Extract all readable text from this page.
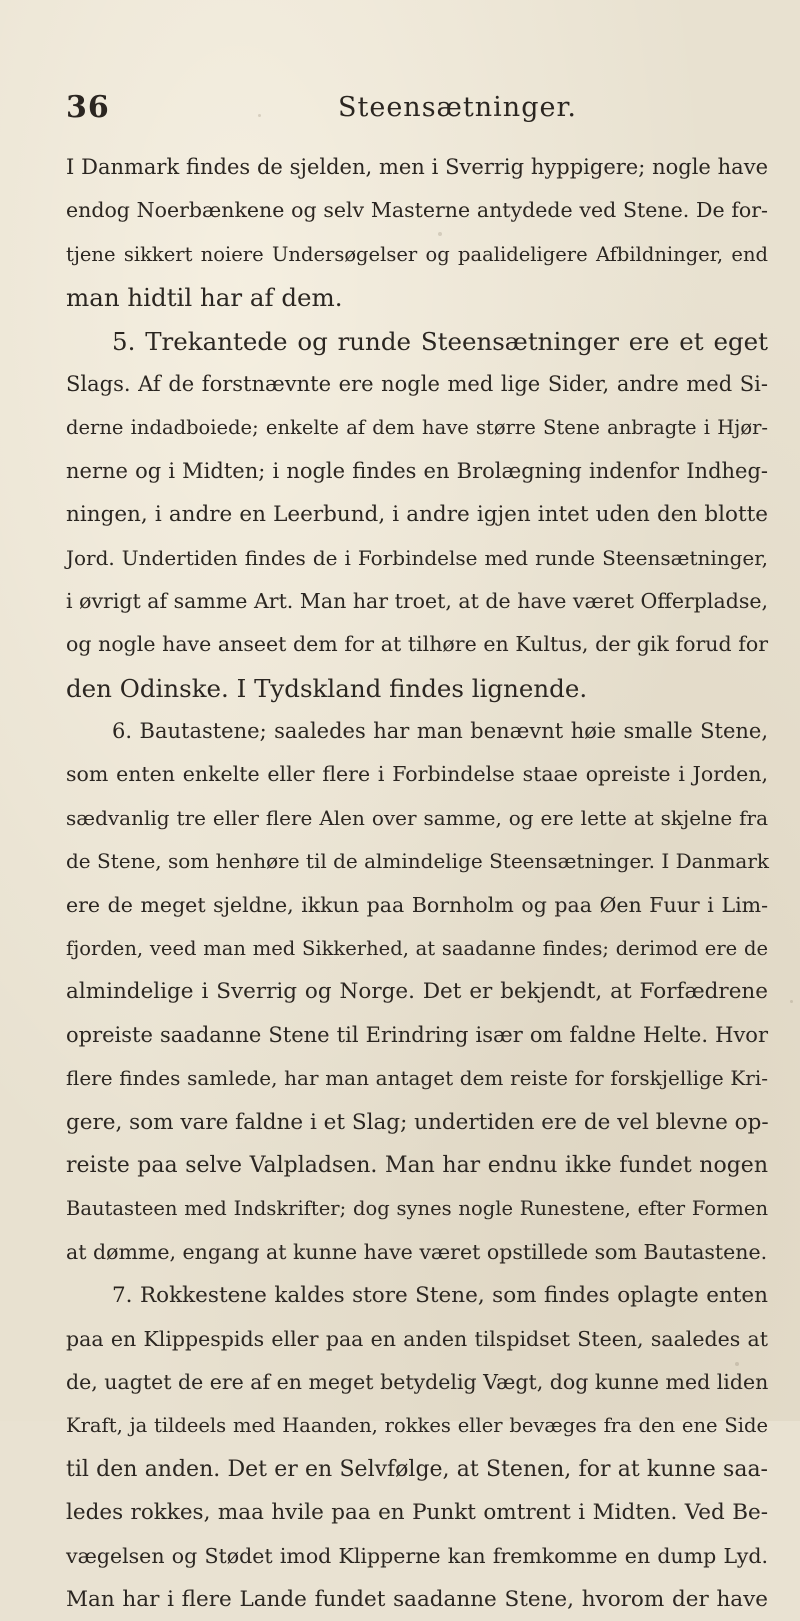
36	Steensætninger.
I Danmark findes de sjelden, men i Sverrig hyppigere; nogle have
endog Noerbænkene og selv Masterne antydede ved Stene. De for-
tjene sikkert noiere Undersøgelser og paalideligere Afbildninger, end
man hidtil har af dem.
5. Trekantede og runde Steensætninger ere et eget
Slags. Af de forstnævnte ere nogle med lige Sider, andre med Si-
derne indadboiede; enkelte af dem have større Stene anbragte i Hjør-
nerne og i Midten; i nogle findes en Brolægning indenfor Indheg-
ningen, i andre en Leerbund, i andre igjen intet uden den blotte
Jord. Undertiden findes de i Forbindelse med runde Steensætninger,
i øvrigt af samme Art. Man har troet, at de have været Offerpladse,
og nogle have anseet dem for at tilhøre en Kultus, der gik forud for
den Odinske. I Tydskland findes lignende.
6. Bautastene; saaledes har man benævnt høie smalle Stene,
som enten enkelte eller flere i Forbindelse staae opreiste i Jorden,
sædvanlig tre eller flere Alen over samme, og ere lette at skjelne fra
de Stene, som henhøre til de almindelige Steensætninger. I Danmark
ere de meget sjeldne, ikkun paa Bornholm og paa Øen Fuur i Lim-
fjorden, veed man med Sikkerhed, at saadanne findes; derimod ere de
almindelige i Sverrig og Norge. Det er bekjendt, at Forfædrene
opreiste saadanne Stene til Erindring især om faldne Helte. Hvor
flere findes samlede, har man antaget dem reiste for forskjellige Kri-
gere, som vare faldne i et Slag; undertiden ere de vel blevne op-
reiste paa selve Valpladsen. Man har endnu ikke fundet nogen
Bautasteen med Indskrifter; dog synes nogle Runestene, efter Formen
at dømme, engang at kunne have været opstillede som Bautastene.
7. Rokkestene kaldes store Stene, som findes oplagte enten
paa en Klippespids eller paa en anden tilspidset Steen, saaledes at
de, uagtet de ere af en meget betydelig Vægt, dog kunne med liden
Kraft, ja tildeels med Haanden, rokkes eller bevæges fra den ene Side
til den anden. Det er en Selvfølge, at Stenen, for at kunne saa-
ledes rokkes, maa hvile paa en Punkt omtrent i Midten. Ved Be-
vægelsen og Stødet imod Klipperne kan fremkomme en dump Lyd.
Man har i flere Lande fundet saadanne Stene, hvorom der have
